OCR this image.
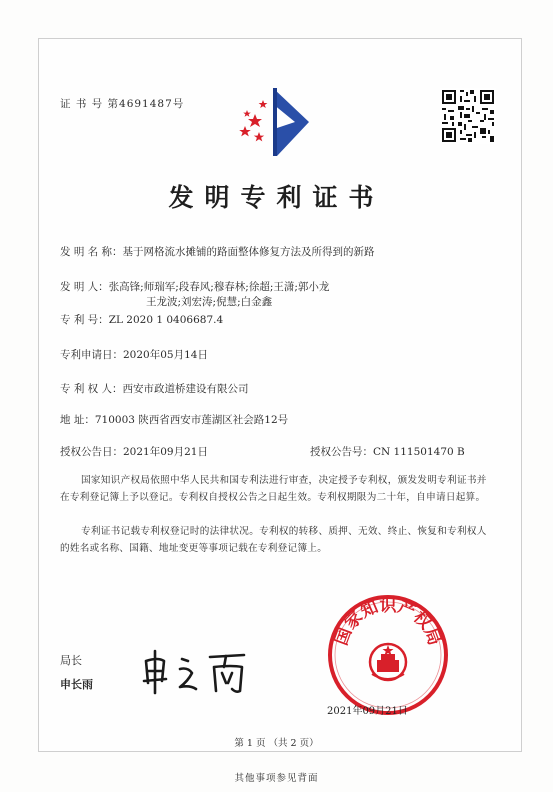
证 书 号 第4691487号
发明专利证书
发 明 名 称：基于网格流水摊铺的路面整体修复方法及所得到的新路
发 明 人：张高锋;师瑞军;段春风;穆春林;徐超;王潇;郭小龙
王龙波;刘宏涛;倪慧;白金鑫
专 利 号：ZL 2020 1 0406687.4
专利申请日：2020年05月14日
专 利 权 人：西安市政道桥建设有限公司
地 址：710003 陕西省西安市莲湖区社会路12号
授权公告日：2021年09月21日	授权公告号：CN 111501470 B
国家知识产权局依照中华人民共和国专利法进行审查，决定授予专利权，颁发发明专利证书并在专利登记簿上予以登记。专利权自授权公告之日起生效。专利权期限为二十年，自申请日起算。
专利证书记载专利权登记时的法律状况。专利权的转移、质押、无效、终止、恢复和专利权人的姓名或名称、国籍、地址变更等事项记载在专利登记簿上。
局长
申长雨
国家知识产权局
2021年09月21日
第 1 页 （共 2 页）
其他事项参见背面
